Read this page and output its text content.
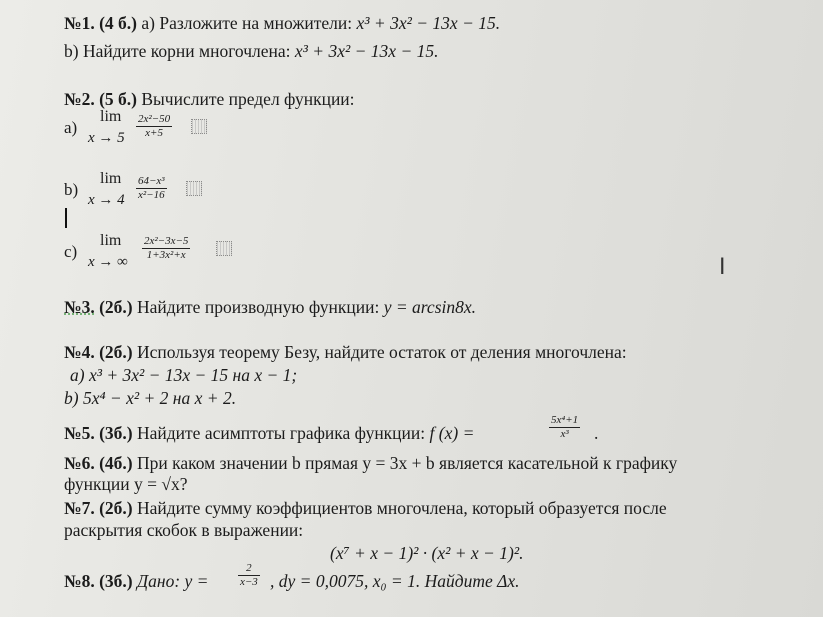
№1. (4 б.) а) Разложите на множители: x³ + 3x² − 13x − 15.
b) Найдите корни многочлена: x³ + 3x² − 13x − 15.
№2. (5 б.) Вычислите предел функции:
а)
lim
$x \to 5 \frac{\text{2x²−50}}{x+5}$
b)
lim
$x \to 4 \frac{\text{64−x³}}{\text{x²−16}}$
c)
lim
x → ∞ $\frac{\text{2x²−3x−5}}{\text{1+3x²+x}}$
I
№3. (2б.) Найдите производную функции: y = arcsin8x.
№4. (2б.) Используя теорему Безу, найдите остаток от деления многочлена:
а) x³ + 3x² − 13x − 15 на x − 1;
b) 5x⁴ − x² + 2 на x + 2.
№5. (3б.) Найдите асимптоты графика функции: f (x) =	$\frac{\text{5x⁴+1}}{\text{x³}}$ .
№6. (4б.) При каком значении b прямая y = 3x + b является касательной к графику
функции y = √x?
№7. (2б.) Найдите сумму коэффициентов многочлена, который образуется после
раскрытия скобок в выражении:
(x⁷ + x − 1)² · (x² + x − 1)².
№8. (3б.) Дано: y =	$\frac{2}{x-3}$ , dy = 0,0075, x₀ = 1. Найдите Δx.
